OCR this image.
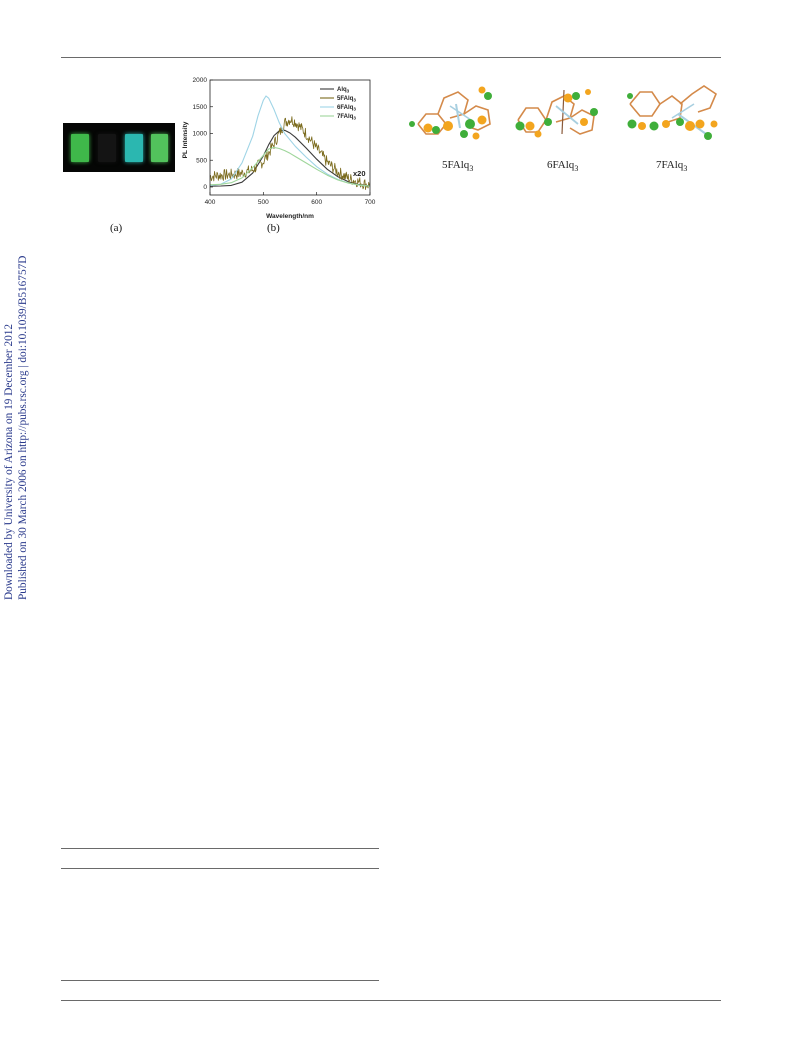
Downloaded by University of Arizona on 19 December 2012 Published on 30 March 2006 on http://pubs.rsc.org | doi:10.1039/B516757D
(a)	(b)
400	500	600	700
0
500
1000
1500
2000
Alq$_3$
5FAlq$_3$
6FAlq$_3$
7FAlq$_3$
PL Intensity
Wavelength/nm
x20
5FAlq$_3$	6FAlq$_3$	7FAlq$_3$
